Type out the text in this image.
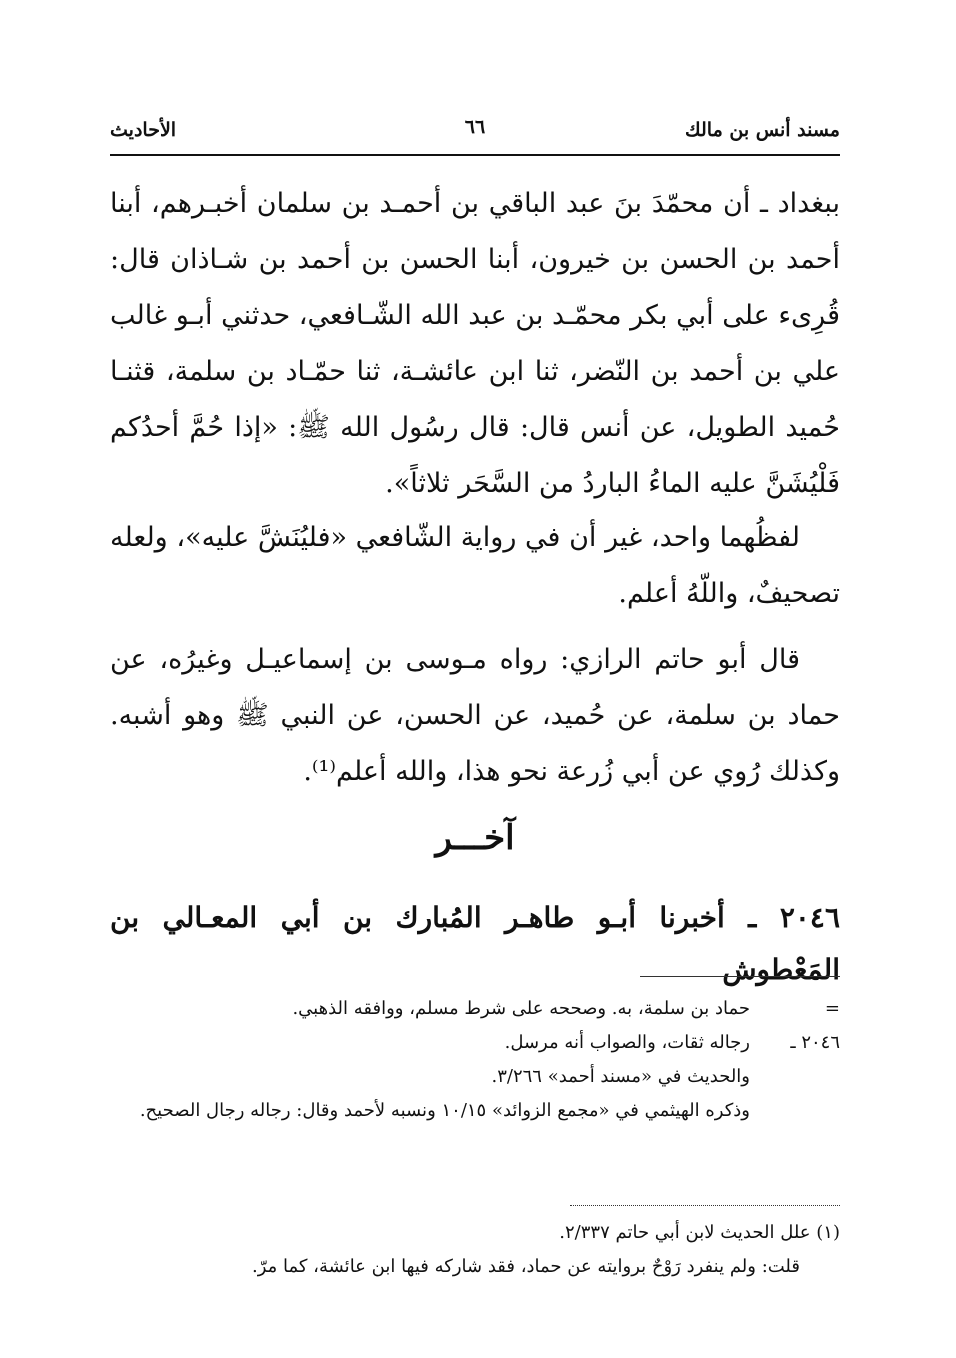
مسند أنس بن مالك
٦٦
الأحاديث
ببغداد ـ أن محمّدَ بنَ عبد الباقي بن أحمـد بن سلمان أخبـرهم، أبنا أحمد بن الحسن بن خيرون، أبنا الحسن بن أحمد بن شـاذان قال: قُرِىء على أبي بكر محمّـد بن عبد الله الشّـافعي، حدثني أبـو غالب علي بن أحمد بن النّضر، ثنا ابن عائشـة، ثنا حمّـاد بن سلمة، قثنـا حُميد الطويل، عن أنس قال: قال رسُول الله ﷺ: «إذا حُمَّ أحدُكم فَلْيُشَنَّ عليه الماءُ الباردُ من السَّحَر ثلاثاً».
لفظُهما واحد، غير أن في رواية الشّافعي «فليُنَشَّ عليه»، ولعله تصحيفٌ، واللّهُ أعلم.
قال أبو حاتم الرازي: رواه مـوسى بن إسماعيـل وغيرُه، عن حماد بن سلمة، عن حُميد، عن الحسن، عن النبي ﷺ وهو أشبه. وكذلك رُوي عن أبي زُرعة نحو هذا، والله أعلم⁽¹⁾.
آخـــر
٢٠٤٦ ـ أخبرنا أبـو طاهـر المُبارك بن أبي المعـالي بن المَعْطوش
=حماد بن سلمة، به. وصححه على شرط مسلم، ووافقه الذهبي.
٢٠٤٦ ـرجاله ثقات، والصواب أنه مرسل.
والحديث في «مسند أحمد» ٣/٢٦٦.
وذكره الهيثمي في «مجمع الزوائد» ١٠/١٥ ونسبه لأحمد وقال: رجاله رجال الصحيح.
(١) علل الحديث لابن أبي حاتم ٢/٣٣٧.
قلت: ولم ينفرد رَوْحٌ بروايته عن حماد، فقد شاركه فيها ابن عائشة، كما مرّ.
